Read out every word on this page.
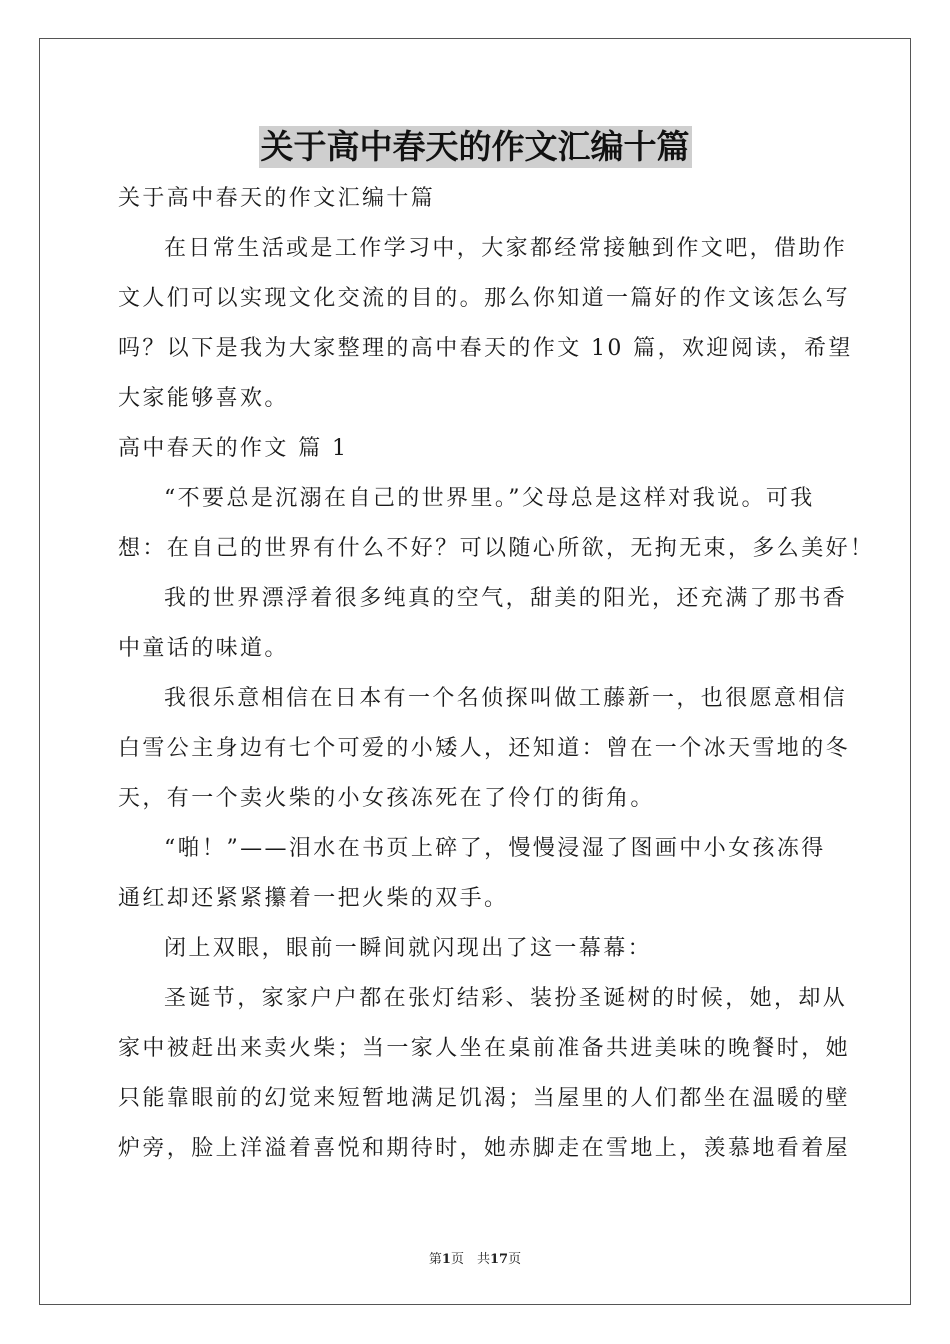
关于高中春天的作文汇编十篇
关于高中春天的作文汇编十篇
在日常生活或是工作学习中，大家都经常接触到作文吧，借助作
文人们可以实现文化交流的目的。那么你知道一篇好的作文该怎么写
吗？以下是我为大家整理的高中春天的作文 10 篇，欢迎阅读，希望
大家能够喜欢。
高中春天的作文 篇 1
“不要总是沉溺在自己的世界里。”父母总是这样对我说。可我
想：在自己的世界有什么不好？可以随心所欲，无拘无束，多么美好！
我的世界漂浮着很多纯真的空气，甜美的阳光，还充满了那书香
中童话的味道。
我很乐意相信在日本有一个名侦探叫做工藤新一，也很愿意相信
白雪公主身边有七个可爱的小矮人，还知道：曾在一个冰天雪地的冬
天，有一个卖火柴的小女孩冻死在了伶仃的街角。
“啪！”——泪水在书页上碎了，慢慢浸湿了图画中小女孩冻得
通红却还紧紧攥着一把火柴的双手。
闭上双眼，眼前一瞬间就闪现出了这一幕幕：
圣诞节，家家户户都在张灯结彩、装扮圣诞树的时候，她，却从
家中被赶出来卖火柴；当一家人坐在桌前准备共进美味的晚餐时，她
只能靠眼前的幻觉来短暂地满足饥渴；当屋里的人们都坐在温暖的壁
炉旁，脸上洋溢着喜悦和期待时，她赤脚走在雪地上，羡慕地看着屋
第1页　共17页
